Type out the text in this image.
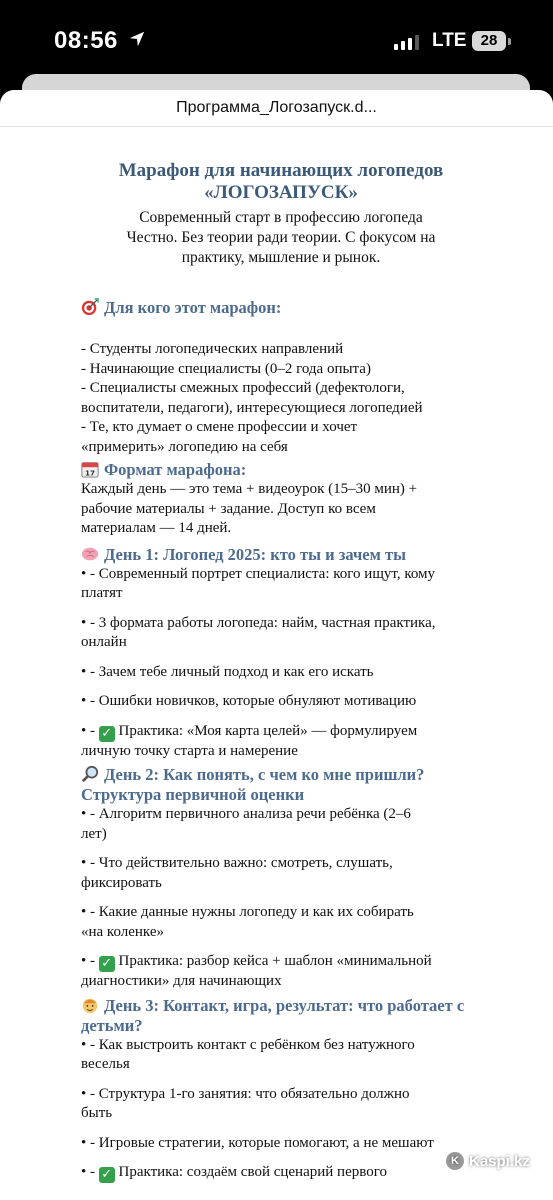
08:56	LTE 28
Программа_Логозапуск.d...

Марафон для начинающих логопедов

«ЛОГОЗАПУСК»

Современный старт в профессию логопеда

Честно. Без теории ради теории. С фокусом на

практику, мышление и рынок.

Для кого этот марафон:

- Студенты логопедических направлений

- Начинающие специалисты (0–2 года опыта)

- Специалисты смежных профессий (дефектологи,

воспитатели, педагоги), интересующиеся логопедией

- Те, кто думает о смене профессии и хочет

«примерить» логопедию на себя

17 Формат марафона:

Каждый день — это тема + видеоурок (15–30 мин) +

рабочие материалы + задание. Доступ ко всем

материалам — 14 дней.

День 1: Логопед 2025: кто ты и зачем ты

• - Современный портрет специалиста: кого ищут, кому

платят

• - 3 формата работы логопеда: найм, частная практика,

онлайн

• - Зачем тебе личный подход и как его искать

• - Ошибки новичков, которые обнуляют мотивацию

• - ✓ Практика: «Моя карта целей» — формулируем

личную точку старта и намерение

День 2: Как понять, с чем ко мне пришли?

Структура первичной оценки

• - Алгоритм первичного анализа речи ребёнка (2–6

лет)

• - Что действительно важно: смотреть, слушать,

фиксировать

• - Какие данные нужны логопеду и как их собирать

«на коленке»

• - ✓ Практика: разбор кейса + шаблон «минимальной

диагностики» для начинающих

День 3: Контакт, игра, результат: что работает с

детьми?

• - Как выстроить контакт с ребёнком без натужного

веселья

• - Структура 1-го занятия: что обязательно должно

быть

• - Игровые стратегии, которые помогают, а не мешают

• - ✓ Практика: создаём свой сценарий первого

K Kaspi.kz
